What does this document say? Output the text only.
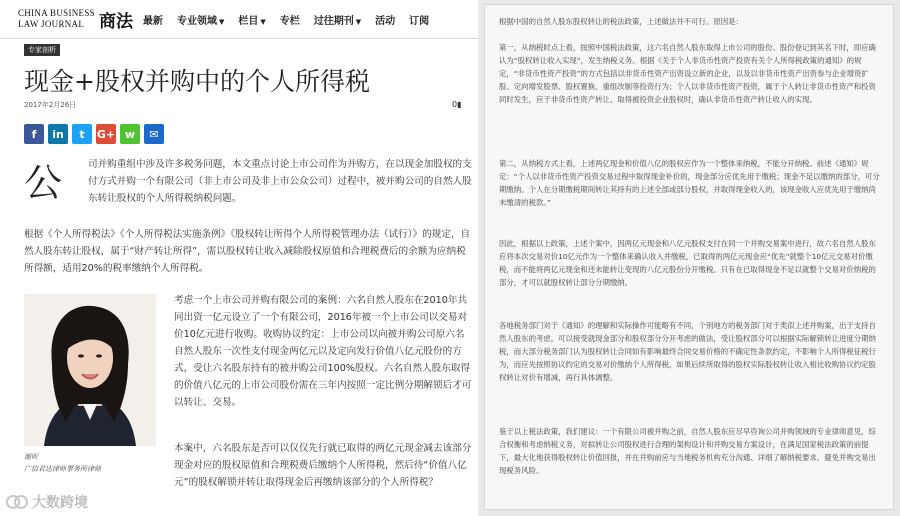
CHINA BUSINESS
LAW JOURNAL 商法 最新 专业领域 ▼ 栏目 ▼ 专栏 过往期刊 ▼ 活动 订阅
专家剖析
现金+股权并购中的个人所得税
2017年2月26日	0▮
f in t G+ w ✉
公	司并购重组中涉及许多税务问题，本文重点讨论上市公司作为并购方，在以现金加股权的支付方式并购一个有限公司（非上市公司及非上市公众公司）过程中，被并购公司的自然人股东转让股权的个人所得税纳税问题。
根据《个人所得税法》《个人所得税法实施条例》《股权转让所得个人所得税管理办法（试行）》的规定，自然人股东转让股权，属于“财产转让所得”，需以股权转让收入减除股权原值和合理税费后的余额为应纳税所得额，适用20%的税率缴纳个人所得税。
谢昕
广信君达律师事务所律师
考虑一个上市公司并购有限公司的案例：六名自然人股东在2010年共同出资一亿元设立了一个有限公司，2016年被一个上市公司以交易对价10亿元进行收购。收购协议约定：上市公司以向被并购公司原六名自然人股东一次性支付现金两亿元以及定向发行价值八亿元股份的方式，受让六名股东持有的被并购公司100%股权。六名自然人股东取得的价值八亿元的上市公司股份需在三年内按照一定比例分期解锁后才可以转让、交易。
本案中，六名股东是否可以仅仅先行就已取得的两亿元现金减去该部分现金对应的股权原值和合理税费后缴纳个人所得税，然后待“价值八亿元”的股权解锁并转让取得现金后再缴纳该部分的个人所得税？

根据中国的自然人股东股权转让的税法政策，上述做法并不可行。原因是：

第一，从纳税时点上看，按照中国税法政策，这六名自然人股东取得上市公司的股份、股份登记到其名下时，即应确认为“股权转让收入实现”，发生纳税义务。根据《关于个人非货币性资产投资有关个人所得税政策的通知》的规定，“非货币性资产投资”的方式包括以非货币性资产出资设立新的企业，以及以非货币性资产出资参与企业增资扩股、定向增发股票、股权置换、重组改制等投资行为；个人以非货币性资产投资，属于个人转让非货币性资产和投资同时发生，应于非货币性资产转让、取得被投资企业股权时，确认非货币性资产转让收入的实现。

第二，从纳税方式上看，上述两亿现金和价值八亿的股权应作为一个整体来纳税，不能分开纳税。前述《通知》规定：“个人以非货币性资产投资交易过程中取得现金补价的，现金部分应优先用于缴税；现金不足以缴纳的部分，可分期缴纳。个人在分期缴税期间转让其持有的上述全部或部分股权，并取得现金收入的，该现金收入应优先用于缴纳尚未缴清的税款。”

因此，根据以上政策，上述个案中，因两亿元现金和八亿元股权支付在同一个并购交易案中进行，故六名自然人股东应将本次交易对价10亿元作为一个整体来确认收入并缴税，已取得的两亿元现金应“优先”就整个10亿元交易对价缴税，而不能将两亿元现金和还未能转让变现的八亿元股份分开缴税。只有在已取得现金不足以就整个交易对价纳税的部分，才可以就股权转让部分分期缴纳。

各地税务部门对于《通知》的理解和实际操作可能略有不同，个别地方的税务部门对于类似上述并购案，出于支持自然人股东的考虑，可以接受就现金部分和股权部分分开考虑的做法，受让股权部分可以根据实际解锁转让进度分期纳税，而大部分税务部门认为股权转让合同如有影响最终合同交易价格的不确定性条款约定，不影响个人所得税征税行为，而应先按照协议约定的交易对价缴纳个人所得税，如果后续所取得的股权实际股权转让收入相比收购协议约定股权转让对价有增减，再行具体调整。

鉴于以上税法政策，我们建议：一个有限公司被并购之前，自然人股东应尽早咨询公司并购领域的专业律师意见，综合权衡和考虑纳税义务，对拟转让公司股权进行合理的架构设计和并购交易方案设计，在满足国家税法政策的前提下，最大化地获得股权转让价值回报，并在并购前应与当地税务机构充分沟通、详细了解纳税要求，避免并购交易出现税务风险。

大数跨境
